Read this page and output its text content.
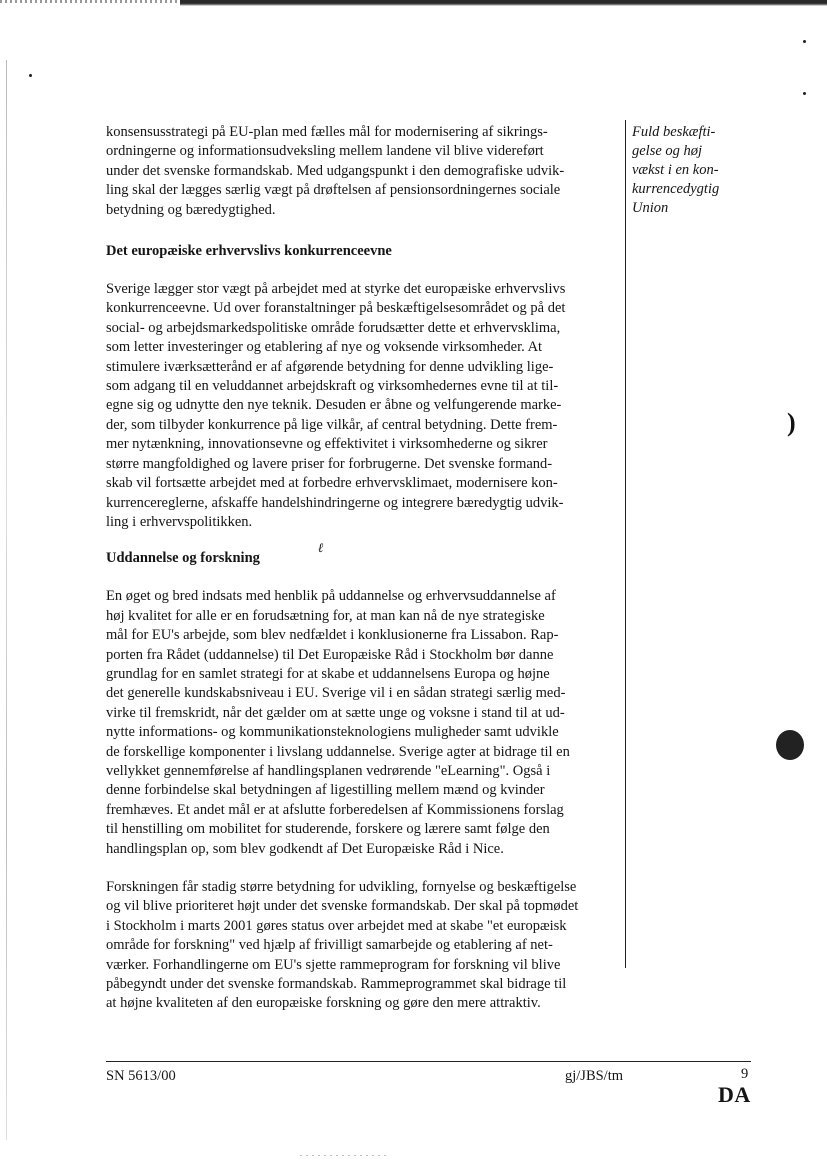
)
Fuld beskæfti-
gelse og høj
vækst i en kon-
kurrencedygtig
Union

konsensusstrategi på EU-plan med fælles mål for modernisering af sikrings-
ordningerne og informationsudveksling mellem landene vil blive videreført
under det svenske formandskab. Med udgangspunkt i den demografiske udvik-
ling skal der lægges særlig vægt på drøftelsen af pensionsordningernes sociale
betydning og bæredygtighed.

Det europæiske erhvervslivs konkurrenceevne

Sverige lægger stor vægt på arbejdet med at styrke det europæiske erhvervslivs
konkurrenceevne. Ud over foranstaltninger på beskæftigelsesområdet og på det
social- og arbejdsmarkedspolitiske område forudsætter dette et erhvervsklima,
som letter investeringer og etablering af nye og voksende virksomheder. At
stimulere iværksætterånd er af afgørende betydning for denne udvikling lige-
som adgang til en veluddannet arbejdskraft og virksomhedernes evne til at til-
egne sig og udnytte den nye teknik. Desuden er åbne og velfungerende marke-
der, som tilbyder konkurrence på lige vilkår, af central betydning. Dette frem-
mer nytænkning, innovationsevne og effektivitet i virksomhederne og sikrer
større mangfoldighed og lavere priser for forbrugerne. Det svenske formand-
skab vil fortsætte arbejdet med at forbedre erhvervsklimaet, modernisere kon-
kurrencereglerne, afskaffe handelshindringerne og integrere bæredygtig udvik-
ling i erhvervspolitikken.

Uddannelse og forskning

En øget og bred indsats med henblik på uddannelse og erhvervsuddannelse af
høj kvalitet for alle er en forudsætning for, at man kan nå de nye strategiske
mål for EU's arbejde, som blev nedfældet i konklusionerne fra Lissabon. Rap-
porten fra Rådet (uddannelse) til Det Europæiske Råd i Stockholm bør danne
grundlag for en samlet strategi for at skabe et uddannelsens Europa og højne
det generelle kundskabsniveau i EU. Sverige vil i en sådan strategi særlig med-
virke til fremskridt, når det gælder om at sætte unge og voksne i stand til at ud-
nytte informations- og kommunikationsteknologiens muligheder samt udvikle
de forskellige komponenter i livslang uddannelse. Sverige agter at bidrage til en
vellykket gennemførelse af handlingsplanen vedrørende "eLearning". Også i
denne forbindelse skal betydningen af ligestilling mellem mænd og kvinder
fremhæves. Et andet mål er at afslutte forberedelsen af Kommissionens forslag
til henstilling om mobilitet for studerende, forskere og lærere samt følge den
handlingsplan op, som blev godkendt af Det Europæiske Råd i Nice.

Forskningen får stadig større betydning for udvikling, fornyelse og beskæftigelse
og vil blive prioriteret højt under det svenske formandskab. Der skal på topmødet
i Stockholm i marts 2001 gøres status over arbejdet med at skabe "et europæisk
område for forskning" ved hjælp af frivilligt samarbejde og etablering af net-
værker. Forhandlingerne om EU's sjette rammeprogram for forskning vil blive
påbegyndt under det svenske formandskab. Rammeprogrammet skal bidrage til
at højne kvaliteten af den europæiske forskning og gøre den mere attraktiv.

ℓ
SN 5613/00	gj/JBS/tm	9
DA
